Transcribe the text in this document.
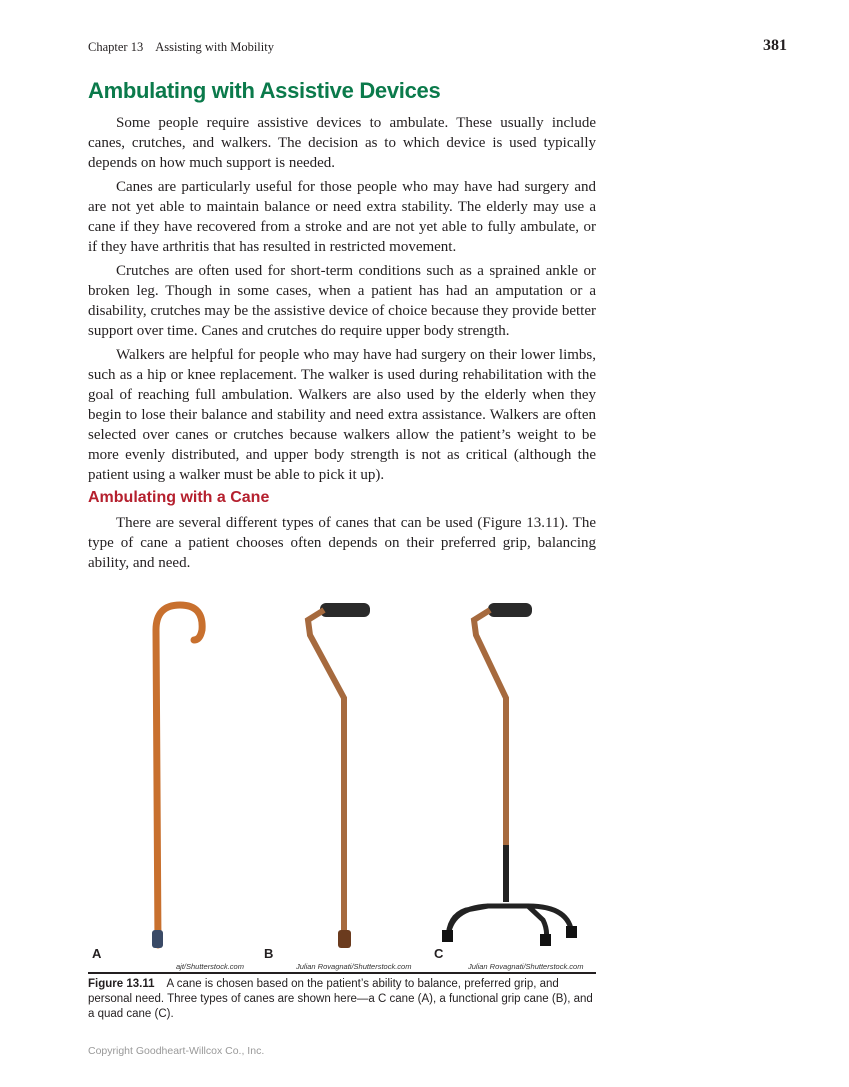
Chapter 13 Assisting with Mobility	381
Ambulating with Assistive Devices

Some people require assistive devices to ambulate. These usually include canes, crutches, and walkers. The decision as to which device is used typically depends on how much support is needed.

Canes are particularly useful for those people who may have had surgery and are not yet able to maintain balance or need extra stability. The elderly may use a cane if they have recovered from a stroke and are not yet able to fully ambulate, or if they have arthritis that has resulted in restricted movement.

Crutches are often used for short-term conditions such as a sprained ankle or broken leg. Though in some cases, when a patient has had an amputation or a disability, crutches may be the assistive device of choice because they provide better support over time. Canes and crutches do require upper body strength.

Walkers are helpful for people who may have had surgery on their lower limbs, such as a hip or knee replacement. The walker is used during rehabilitation with the goal of reaching full ambulation. Walkers are also used by the elderly when they begin to lose their balance and stability and need extra assistance. Walkers are often selected over canes or crutches because walkers allow the patient’s weight to be more evenly distributed, and upper body strength is not as critical (although the patient using a walker must be able to pick it up).

Ambulating with a Cane

There are several different types of canes that can be used (Figure 13.11). The type of cane a patient chooses often depends on their preferred grip, balancing ability, and need.

A	B	C
ajt/Shutterstock.com	Julian Rovagnati/Shutterstock.com	Julian Rovagnati/Shutterstock.com
Figure 13.11 A cane is chosen based on the patient’s ability to balance, preferred grip, and personal need. Three types of canes are shown here—a C cane (A), a functional grip cane (B), and a quad cane (C).
Copyright Goodheart-Willcox Co., Inc.
